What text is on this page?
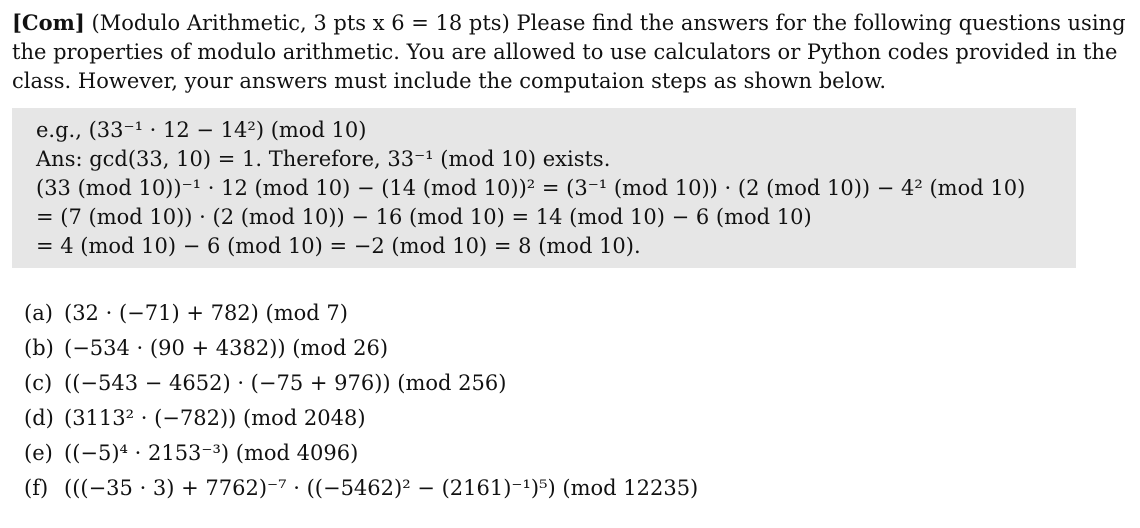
[Com] (Modulo Arithmetic, 3 pts x 6 = 18 pts) Please find the answers for the following questions using the properties of modulo arithmetic. You are allowed to use calculators or Python codes provided in the class. However, your answers must include the computaion steps as shown below.
e.g., (33⁻¹ · 12 − 14²) (mod 10)
Ans: gcd(33, 10) = 1. Therefore, 33⁻¹ (mod 10) exists.
(33 (mod 10))⁻¹ · 12 (mod 10) − (14 (mod 10))² = (3⁻¹ (mod 10)) · (2 (mod 10)) − 4² (mod 10)
= (7 (mod 10)) · (2 (mod 10)) − 16 (mod 10) = 14 (mod 10) − 6 (mod 10)
= 4 (mod 10) − 6 (mod 10) = −2 (mod 10) = 8 (mod 10).
(a) (32 · (−71) + 782) (mod 7)
(b) (−534 · (90 + 4382)) (mod 26)
(c) ((−543 − 4652) · (−75 + 976)) (mod 256)
(d) (3113² · (−782)) (mod 2048)
(e) ((−5)⁴ · 2153⁻³) (mod 4096)
(f) (((−35 · 3) + 7762)⁻⁷ · ((−5462)² − (2161)⁻¹)⁵) (mod 12235)
